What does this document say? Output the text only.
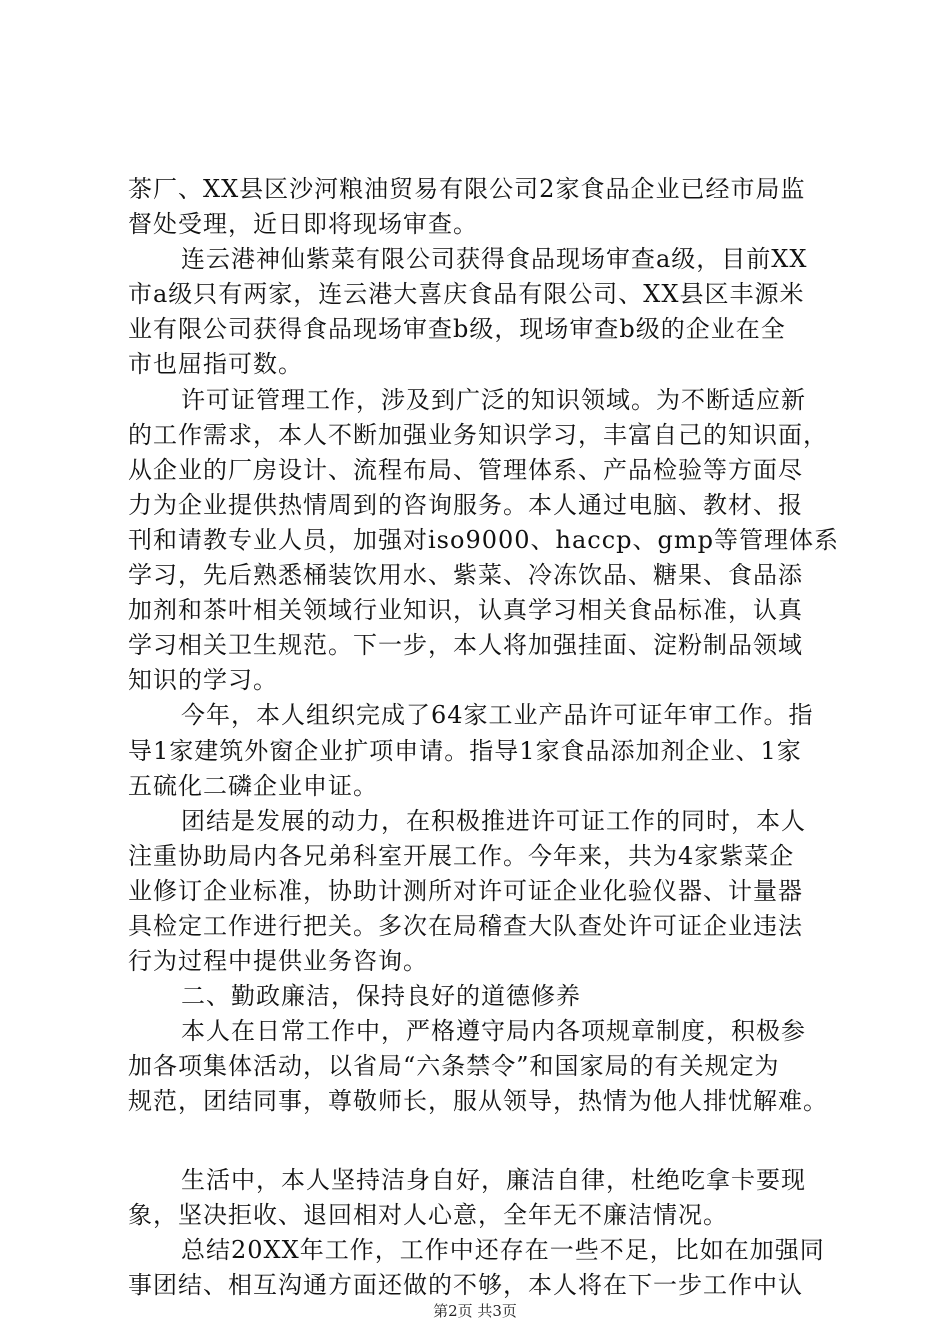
茶厂、XX县区沙河粮油贸易有限公司2家食品企业已经市局监
督处受理，近日即将现场审查。
连云港神仙紫菜有限公司获得食品现场审查a级，目前XX
市a级只有两家，连云港大喜庆食品有限公司、XX县区丰源米
业有限公司获得食品现场审查b级，现场审查b级的企业在全
市也屈指可数。
许可证管理工作，涉及到广泛的知识领域。为不断适应新
的工作需求，本人不断加强业务知识学习，丰富自己的知识面，
从企业的厂房设计、流程布局、管理体系、产品检验等方面尽
力为企业提供热情周到的咨询服务。本人通过电脑、教材、报
刊和请教专业人员，加强对iso9000、haccp、gmp等管理体系
学习，先后熟悉桶装饮用水、紫菜、冷冻饮品、糖果、食品添
加剂和茶叶相关领域行业知识，认真学习相关食品标准，认真
学习相关卫生规范。下一步，本人将加强挂面、淀粉制品领域
知识的学习。
今年，本人组织完成了64家工业产品许可证年审工作。指
导1家建筑外窗企业扩项申请。指导1家食品添加剂企业、1家
五硫化二磷企业申证。
团结是发展的动力，在积极推进许可证工作的同时，本人
注重协助局内各兄弟科室开展工作。今年来，共为4家紫菜企
业修订企业标准，协助计测所对许可证企业化验仪器、计量器
具检定工作进行把关。多次在局稽查大队查处许可证企业违法
行为过程中提供业务咨询。
二、勤政廉洁，保持良好的道德修养
本人在日常工作中，严格遵守局内各项规章制度，积极参
加各项集体活动，以省局“六条禁令”和国家局的有关规定为
规范，团结同事，尊敬师长，服从领导，热情为他人排忧解难。
生活中，本人坚持洁身自好，廉洁自律，杜绝吃拿卡要现
象，坚决拒收、退回相对人心意，全年无不廉洁情况。
总结20XX年工作，工作中还存在一些不足，比如在加强同
事团结、相互沟通方面还做的不够，本人将在下一步工作中认
第2页 共3页
